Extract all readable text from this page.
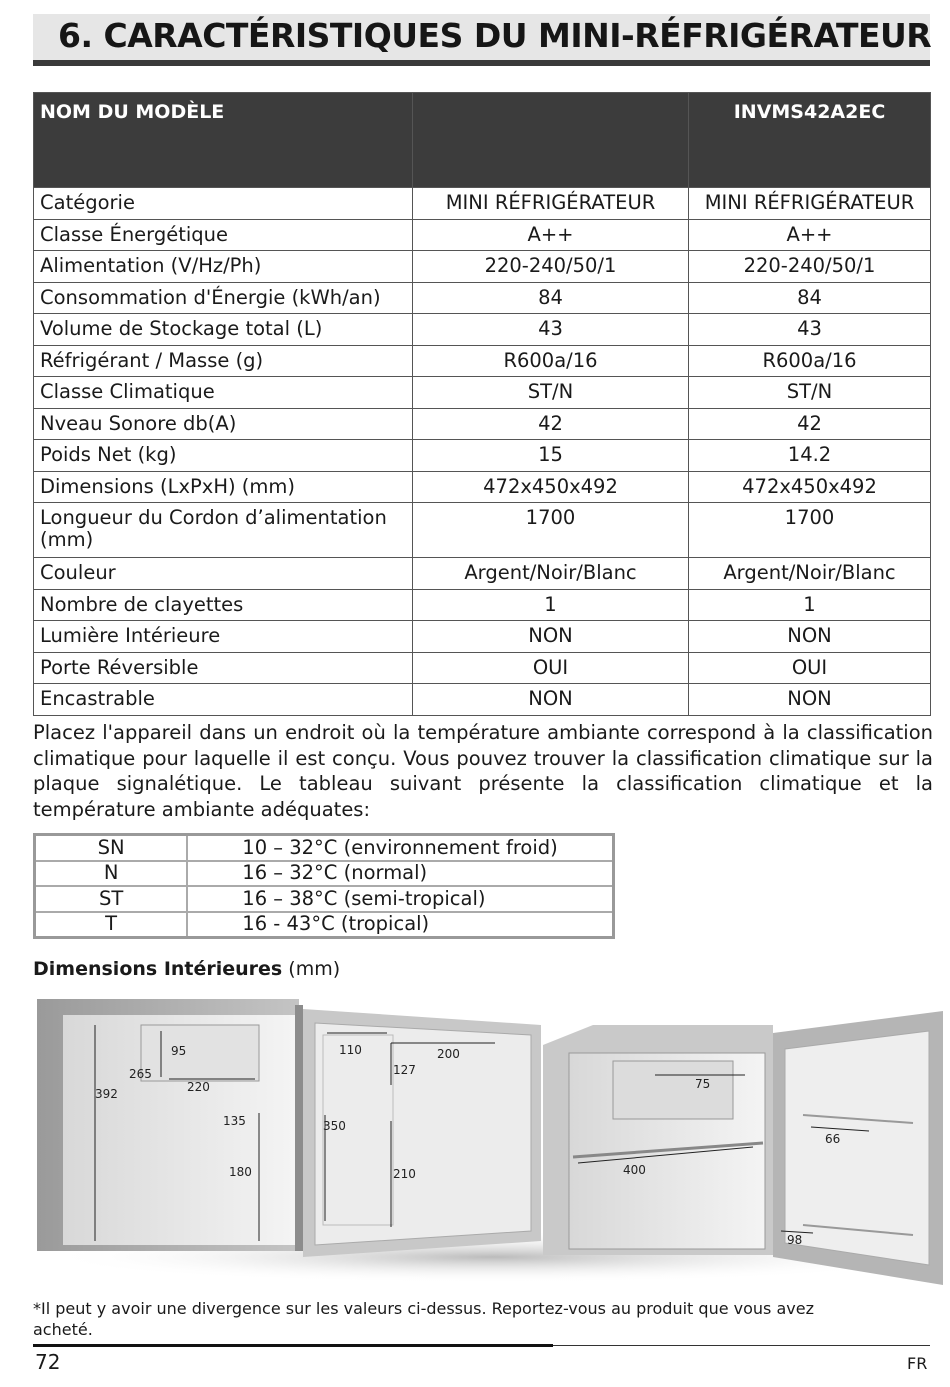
6. CARACTÉRISTIQUES DU MINI-RÉFRIGÉRATEUR
NOM DU MODÈLE		INVMS42A2EC
Catégorie	MINI RÉFRIGÉRATEUR	MINI RÉFRIGÉRATEUR
Classe Énergétique	A++	A++
Alimentation (V/Hz/Ph)	220-240/50/1	220-240/50/1
Consommation d'Énergie (kWh/an)	84	84
Volume de Stockage total (L)	43	43
Réfrigérant / Masse (g)	R600a/16	R600a/16
Classe Climatique	ST/N	ST/N
Nveau Sonore db(A)	42	42
Poids Net (kg)	15	14.2
Dimensions (LxPxH) (mm)	472x450x492	472x450x492
Longueur du Cordon d’alimentation (mm)	1700	1700
Couleur	Argent/Noir/Blanc	Argent/Noir/Blanc
Nombre de clayettes	1	1
Lumière Intérieure	NON	NON
Porte Réversible	OUI	OUI
Encastrable	NON	NON
Placez l'appareil dans un endroit où la température ambiante correspond à la classification climatique pour laquelle il est conçu. Vous pouvez trouver la classification climatique sur la plaque signalétique. Le tableau suivant présente la classification climatique et la température ambiante adéquates:
SN	10 – 32°C (environnement froid)
N	16 – 32°C (normal)
ST	16 – 38°C (semi-tropical)
T	16 - 43°C (tropical)
Dimensions Intérieures (mm)
95
265
220
392
135
180
110
127
200
350
210
75
400
66
98
*Il peut y avoir une divergence sur les valeurs ci-dessus. Reportez-vous au produit que vous avez acheté.
72	FR
